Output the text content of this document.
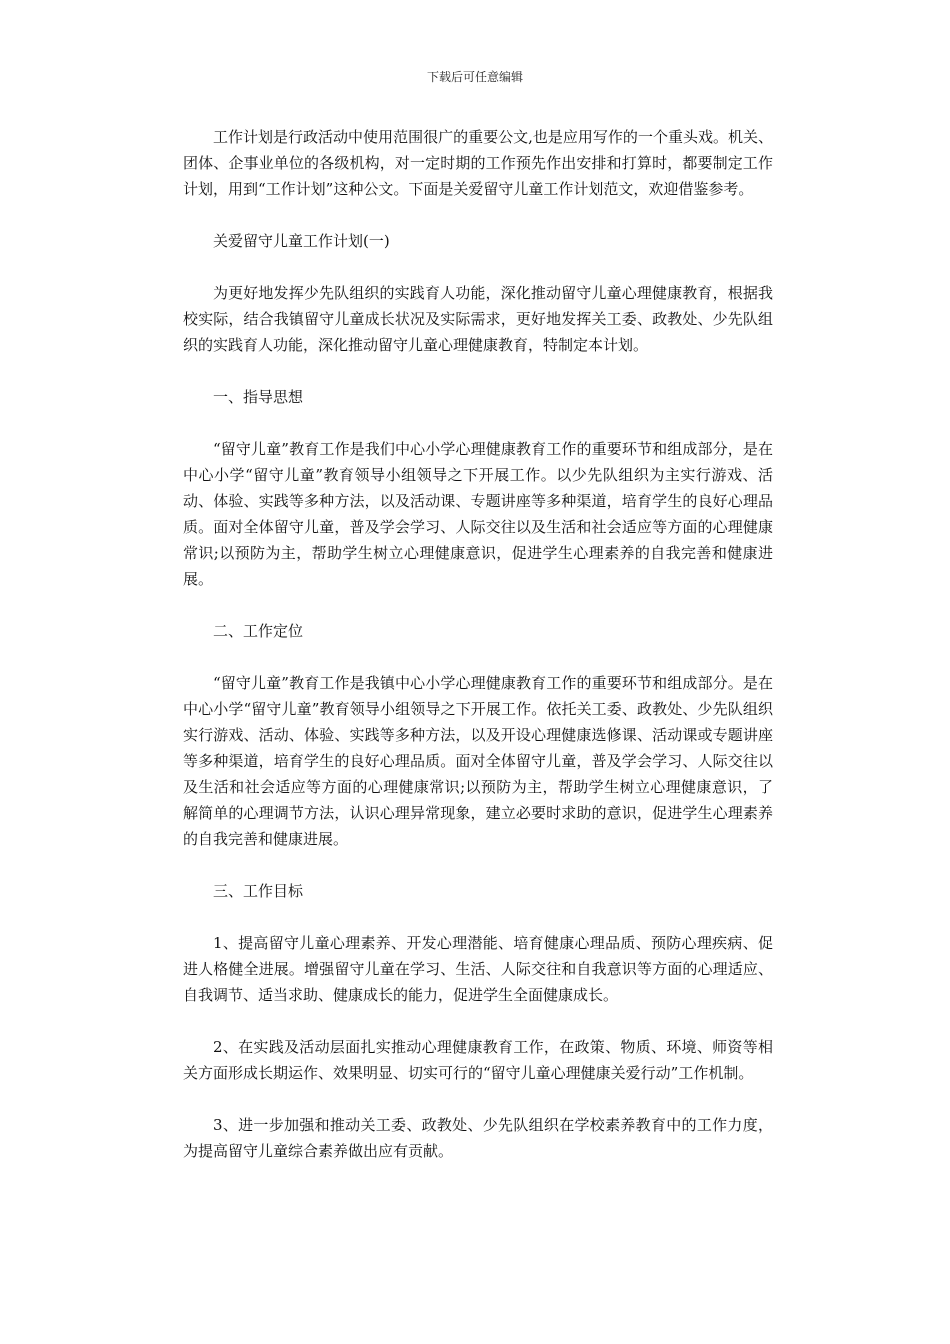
下载后可任意编辑

工作计划是行政活动中使用范围很广的重要公文,也是应用写作的一个重头戏。机关、团体、企事业单位的各级机构，对一定时期的工作预先作出安排和打算时，都要制定工作计划，用到“工作计划”这种公文。下面是关爱留守儿童工作计划范文，欢迎借鉴参考。

关爱留守儿童工作计划(一)

为更好地发挥少先队组织的实践育人功能，深化推动留守儿童心理健康教育，根据我校实际，结合我镇留守儿童成长状况及实际需求，更好地发挥关工委、政教处、少先队组织的实践育人功能，深化推动留守儿童心理健康教育，特制定本计划。

一、指导思想

“留守儿童”教育工作是我们中心小学心理健康教育工作的重要环节和组成部分，是在中心小学“留守儿童”教育领导小组领导之下开展工作。以少先队组织为主实行游戏、活动、体验、实践等多种方法，以及活动课、专题讲座等多种渠道，培育学生的良好心理品质。面对全体留守儿童，普及学会学习、人际交往以及生活和社会适应等方面的心理健康常识;以预防为主，帮助学生树立心理健康意识，促进学生心理素养的自我完善和健康进展。

二、工作定位

“留守儿童”教育工作是我镇中心小学心理健康教育工作的重要环节和组成部分。是在中心小学“留守儿童”教育领导小组领导之下开展工作。依托关工委、政教处、少先队组织实行游戏、活动、体验、实践等多种方法，以及开设心理健康选修课、活动课或专题讲座等多种渠道，培育学生的良好心理品质。面对全体留守儿童，普及学会学习、人际交往以及生活和社会适应等方面的心理健康常识;以预防为主，帮助学生树立心理健康意识，了解简单的心理调节方法，认识心理异常现象，建立必要时求助的意识，促进学生心理素养的自我完善和健康进展。

三、工作目标

1、提高留守儿童心理素养、开发心理潜能、培育健康心理品质、预防心理疾病、促进人格健全进展。增强留守儿童在学习、生活、人际交往和自我意识等方面的心理适应、自我调节、适当求助、健康成长的能力，促进学生全面健康成长。

2、在实践及活动层面扎实推动心理健康教育工作，在政策、物质、环境、师资等相关方面形成长期运作、效果明显、切实可行的“留守儿童心理健康关爱行动”工作机制。

3、进一步加强和推动关工委、政教处、少先队组织在学校素养教育中的工作力度，为提高留守儿童综合素养做出应有贡献。
